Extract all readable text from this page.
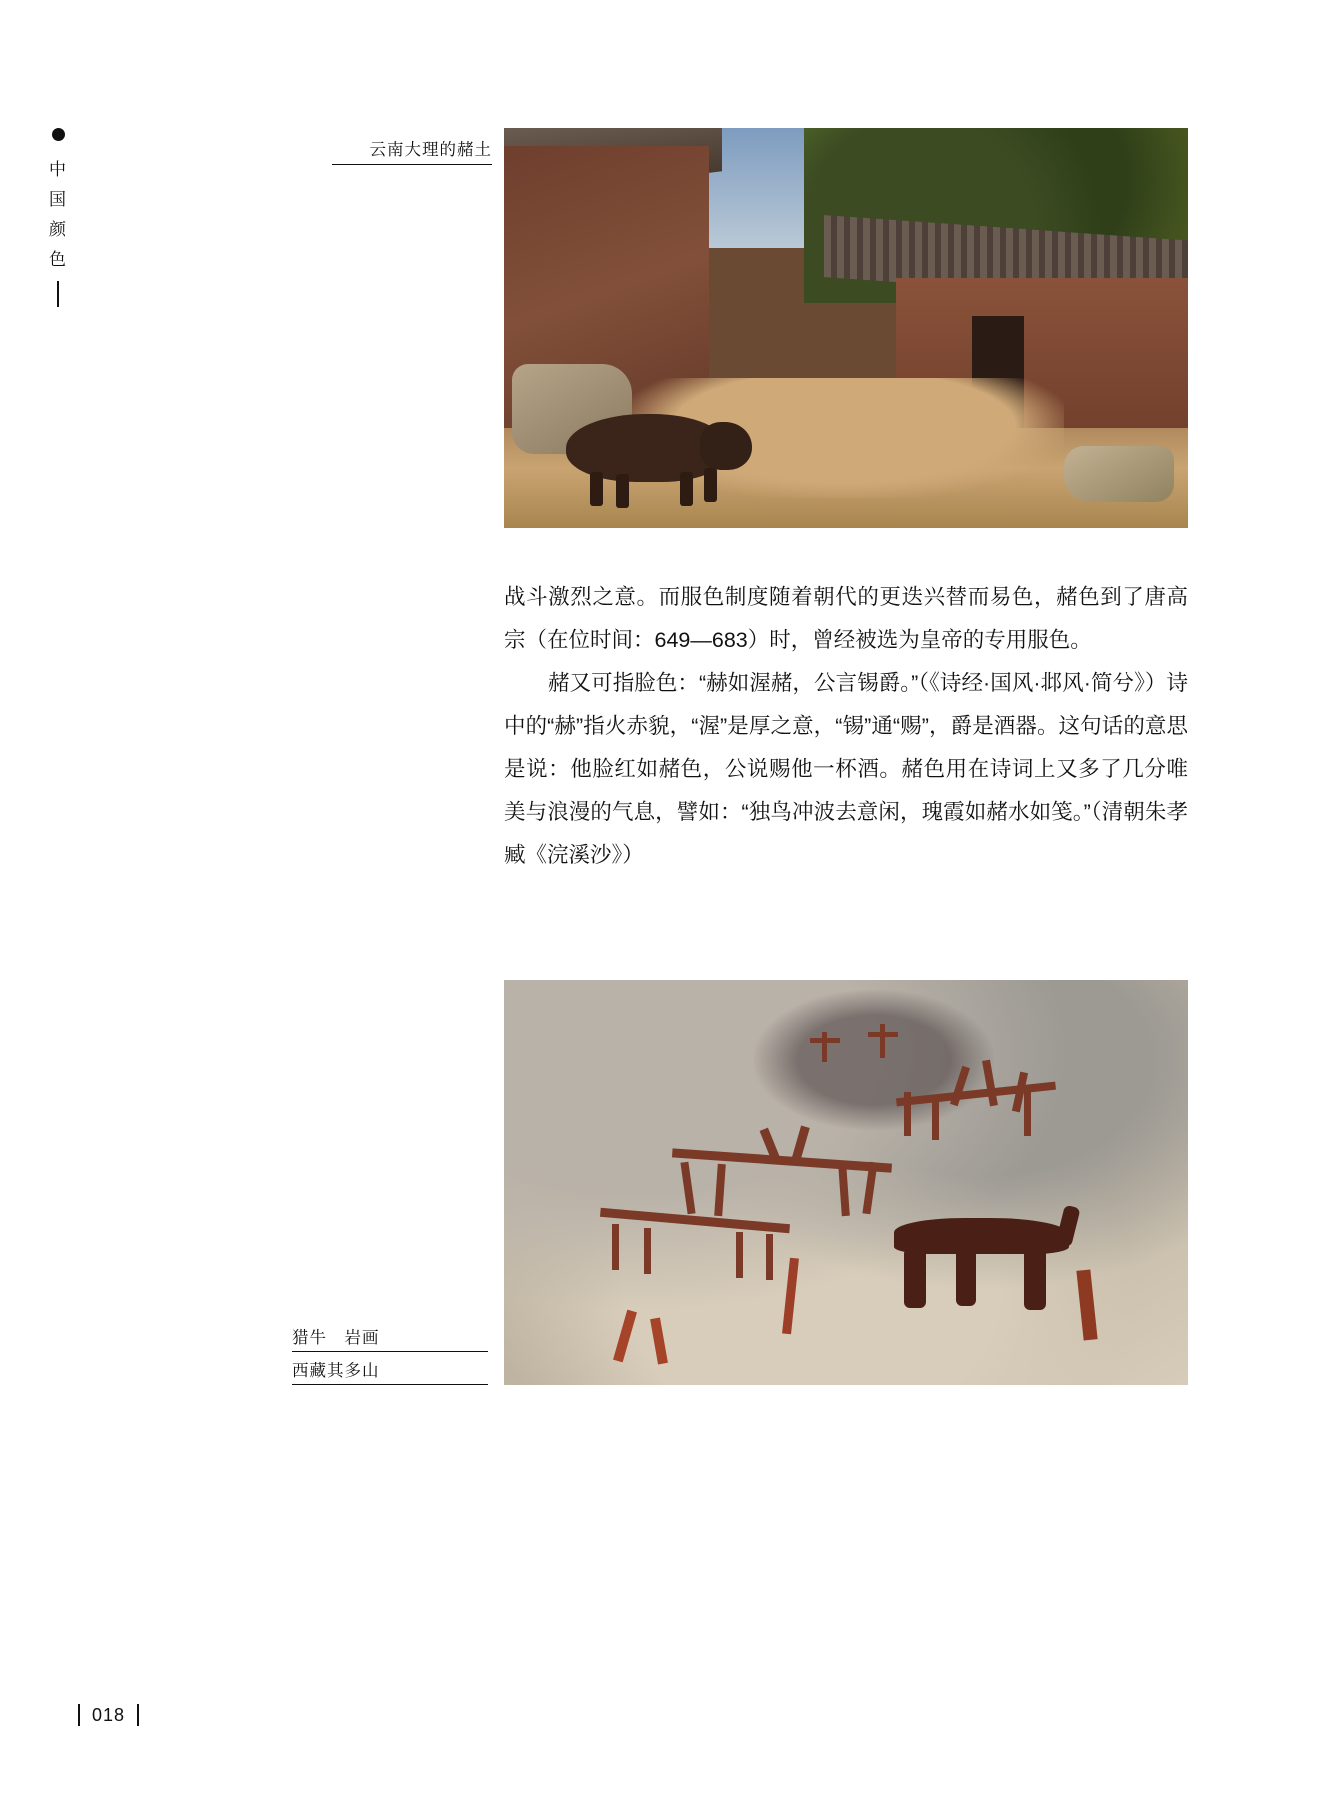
中
国
颜
色
云南大理的赭土

战斗激烈之意。而服色制度随着朝代的更迭兴替而易色，赭色到了唐高宗（在位时间：649—683）时，曾经被选为皇帝的专用服色。

赭又可指脸色：“赫如渥赭，公言锡爵。”（《诗经·国风·邶风·简兮》）诗中的“赫”指火赤貌，“渥”是厚之意，“锡”通“赐”，爵是酒器。这句话的意思是说：他脸红如赭色，公说赐他一杯酒。赭色用在诗词上又多了几分唯美与浪漫的气息，譬如：“独鸟冲波去意闲，瑰霞如赭水如笺。”（清朝朱孝臧《浣溪沙》）

猎牛　岩画
西藏其多山
018
